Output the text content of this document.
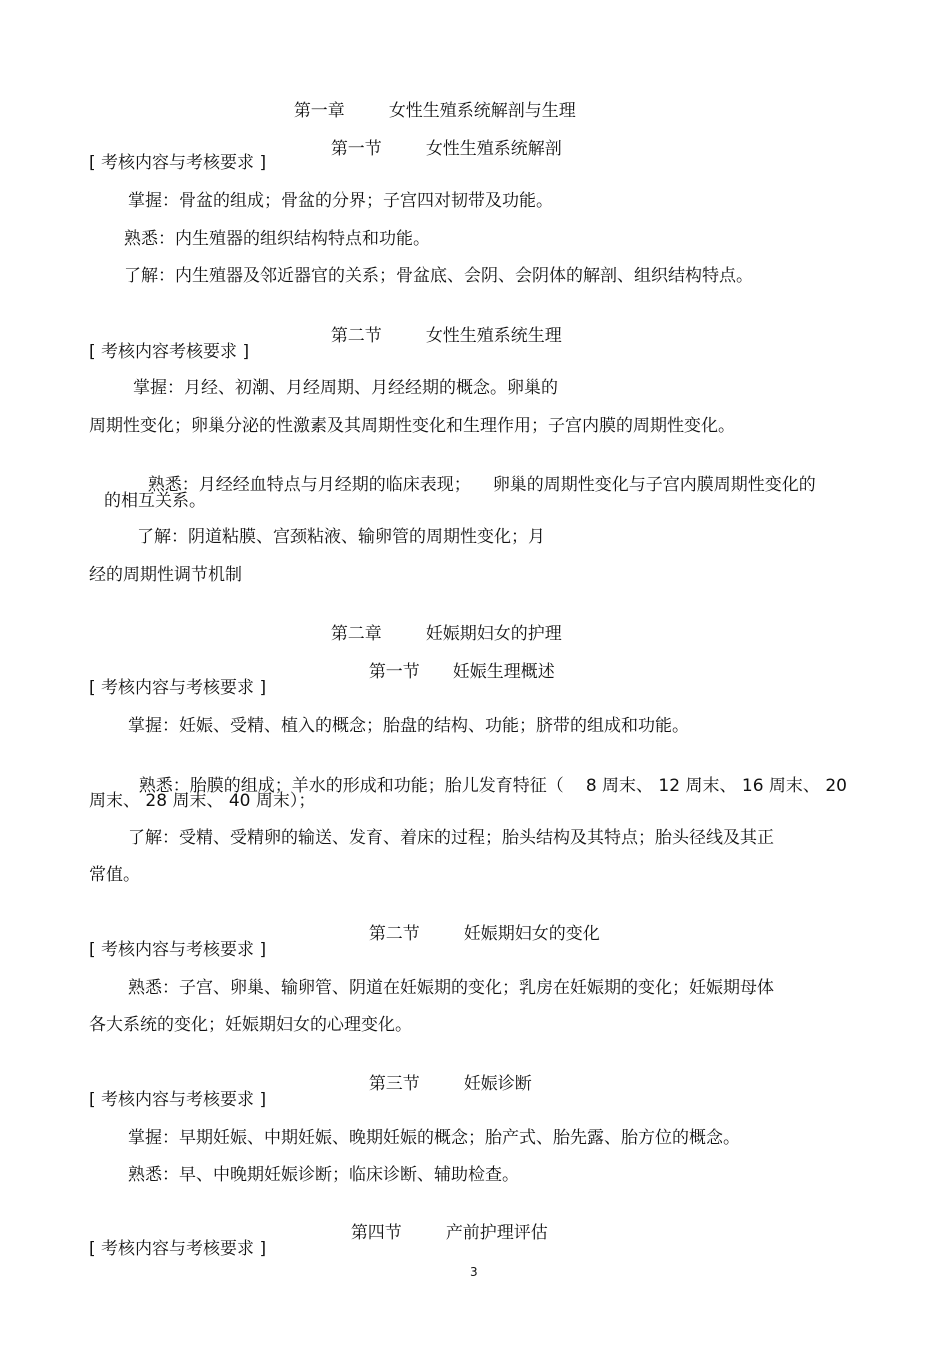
第一章	女性生殖系统解剖与生理

第一节	女性生殖系统解剖

[ 考核内容与考核要求 ]
掌握：骨盆的组成；骨盆的分界；子宫四对韧带及功能。
熟悉：内生殖器的组织结构特点和功能。
了解：内生殖器及邻近器官的关系；骨盆底、会阴、会阴体的解剖、组织结构特点。

第二节	女性生殖系统生理

[ 考核内容考核要求 ]
掌握：月经、初潮、月经周期、月经经期的概念。卵巢的
周期性变化；卵巢分泌的性激素及其周期性变化和生理作用；子宫内膜的周期性变化。

熟悉：月经经血特点与月经期的临床表现； 卵巢的周期性变化与子宫内膜周期性变化的

的相互关系。
了解：阴道粘膜、宫颈粘液、输卵管的周期性变化；月
经的周期性调节机制

第二章	妊娠期妇女的护理

第一节 妊娠生理概述

[ 考核内容与考核要求 ]
掌握：妊娠、受精、植入的概念；胎盘的结构、功能；脐带的组成和功能。

熟悉：胎膜的组成；羊水的形成和功能；胎儿发育特征（ 8 周末、 12 周末、 16 周末、 20

周末、 28 周末、 40 周末）；
了解：受精、受精卵的输送、发育、着床的过程；胎头结构及其特点；胎头径线及其正
常值。

第二节	妊娠期妇女的变化

[ 考核内容与考核要求 ]
熟悉：子宫、卵巢、输卵管、阴道在妊娠期的变化；乳房在妊娠期的变化；妊娠期母体
各大系统的变化；妊娠期妇女的心理变化。

第三节	妊娠诊断

[ 考核内容与考核要求 ]
掌握：早期妊娠、中期妊娠、晚期妊娠的概念；胎产式、胎先露、胎方位的概念。
熟悉：早、中晚期妊娠诊断；临床诊断、辅助检查。

第四节	产前护理评估

[ 考核内容与考核要求 ]
3
